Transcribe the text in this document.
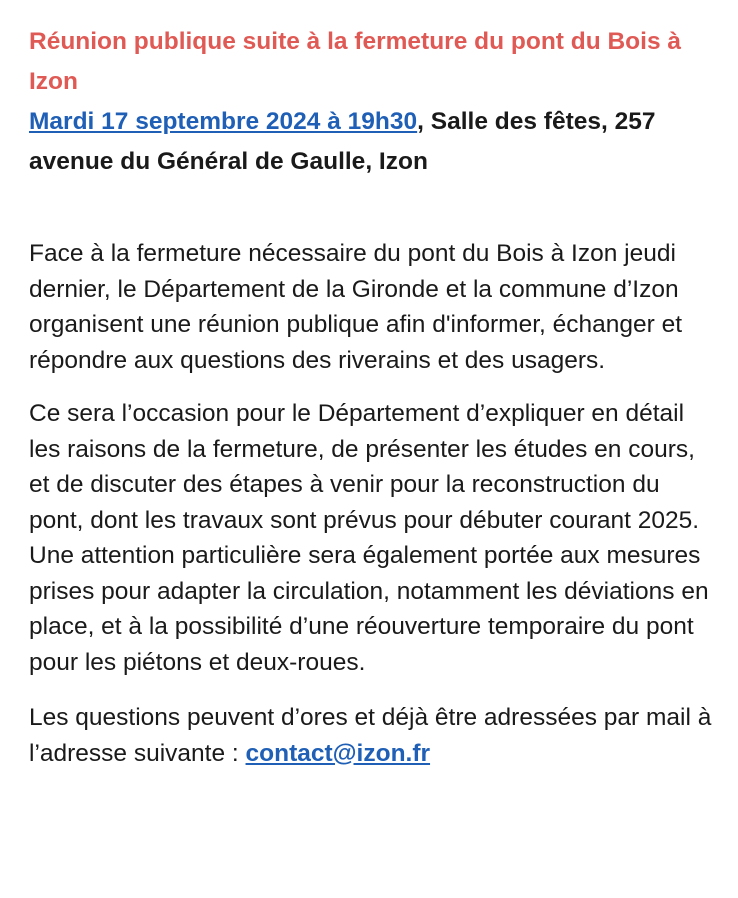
Réunion publique suite à la fermeture du pont du Bois à Izon

Mardi 17 septembre 2024 à 19h30, Salle des fêtes, 257 avenue du Général de Gaulle, Izon

Face à la fermeture nécessaire du pont du Bois à Izon jeudi dernier, le Département de la Gironde et la commune d’Izon organisent une réunion publique afin d'informer, échanger et répondre aux questions des riverains et des usagers.

Ce sera l’occasion pour le Département d’expliquer en détail les raisons de la fermeture, de présenter les études en cours, et de discuter des étapes à venir pour la reconstruction du pont, dont les travaux sont prévus pour débuter courant 2025. Une attention particulière sera également portée aux mesures prises pour adapter la circulation, notamment les déviations en place, et à la possibilité d’une réouverture temporaire du pont pour les piétons et deux-roues.

Les questions peuvent d’ores et déjà être adressées par mail à l’adresse suivante : contact@izon.fr
